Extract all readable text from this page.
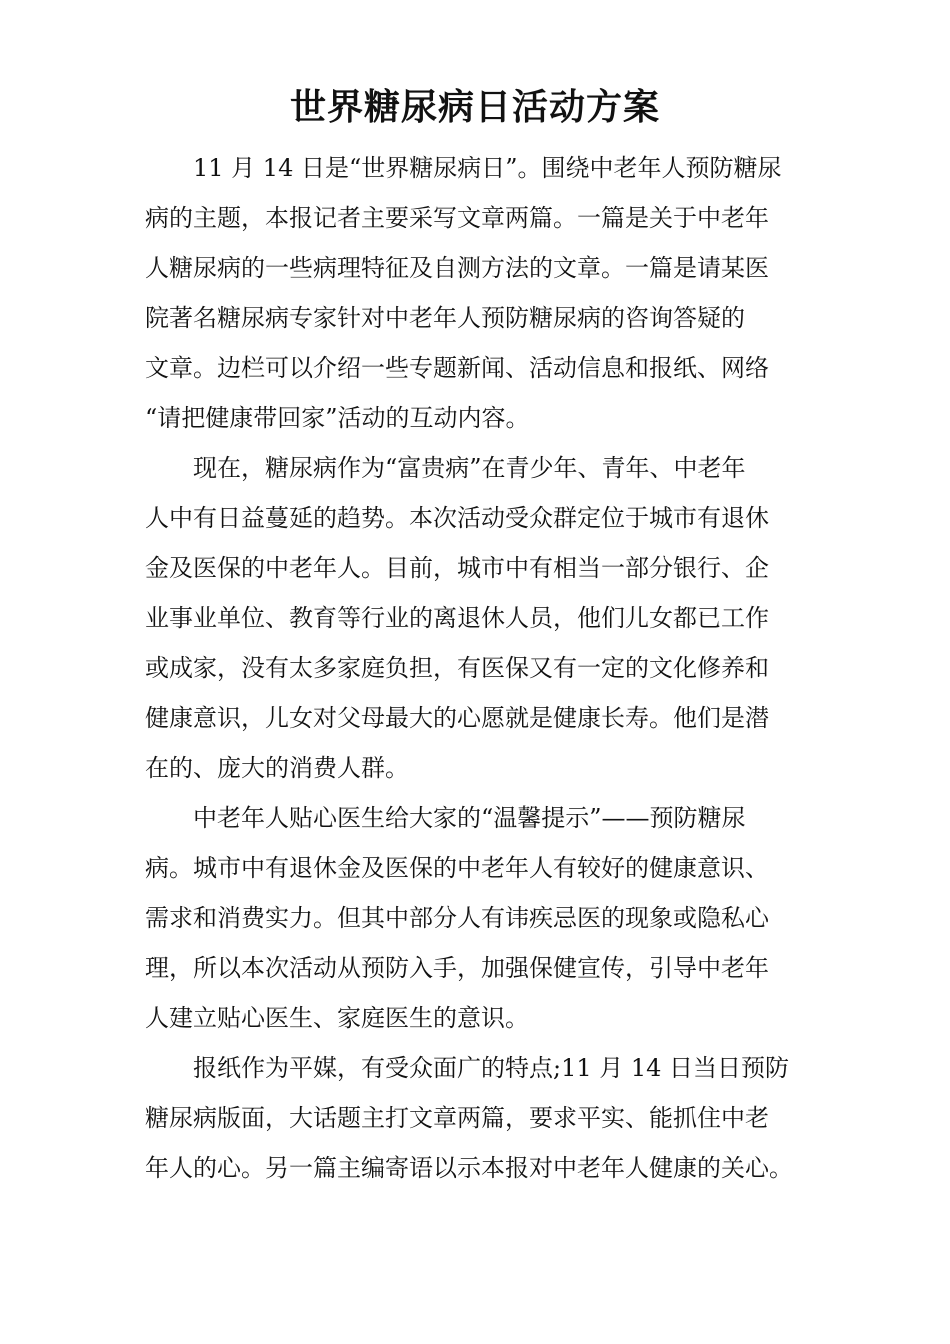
世界糖尿病日活动方案
11 月 14 日是“世界糖尿病日”。围绕中老年人预防糖尿
病的主题，本报记者主要采写文章两篇。一篇是关于中老年
人糖尿病的一些病理特征及自测方法的文章。一篇是请某医
院著名糖尿病专家针对中老年人预防糖尿病的咨询答疑的
文章。边栏可以介绍一些专题新闻、活动信息和报纸、网络
“请把健康带回家”活动的互动内容。
现在，糖尿病作为“富贵病”在青少年、青年、中老年
人中有日益蔓延的趋势。本次活动受众群定位于城市有退休
金及医保的中老年人。目前，城市中有相当一部分银行、企
业事业单位、教育等行业的离退休人员，他们儿女都已工作
或成家，没有太多家庭负担，有医保又有一定的文化修养和
健康意识，儿女对父母最大的心愿就是健康长寿。他们是潜
在的、庞大的消费人群。
中老年人贴心医生给大家的“温馨提示”——预防糖尿
病。城市中有退休金及医保的中老年人有较好的健康意识、
需求和消费实力。但其中部分人有讳疾忌医的现象或隐私心
理，所以本次活动从预防入手，加强保健宣传，引导中老年
人建立贴心医生、家庭医生的意识。
报纸作为平媒，有受众面广的特点;11 月 14 日当日预防
糖尿病版面，大话题主打文章两篇，要求平实、能抓住中老
年人的心。另一篇主编寄语以示本报对中老年人健康的关心。
